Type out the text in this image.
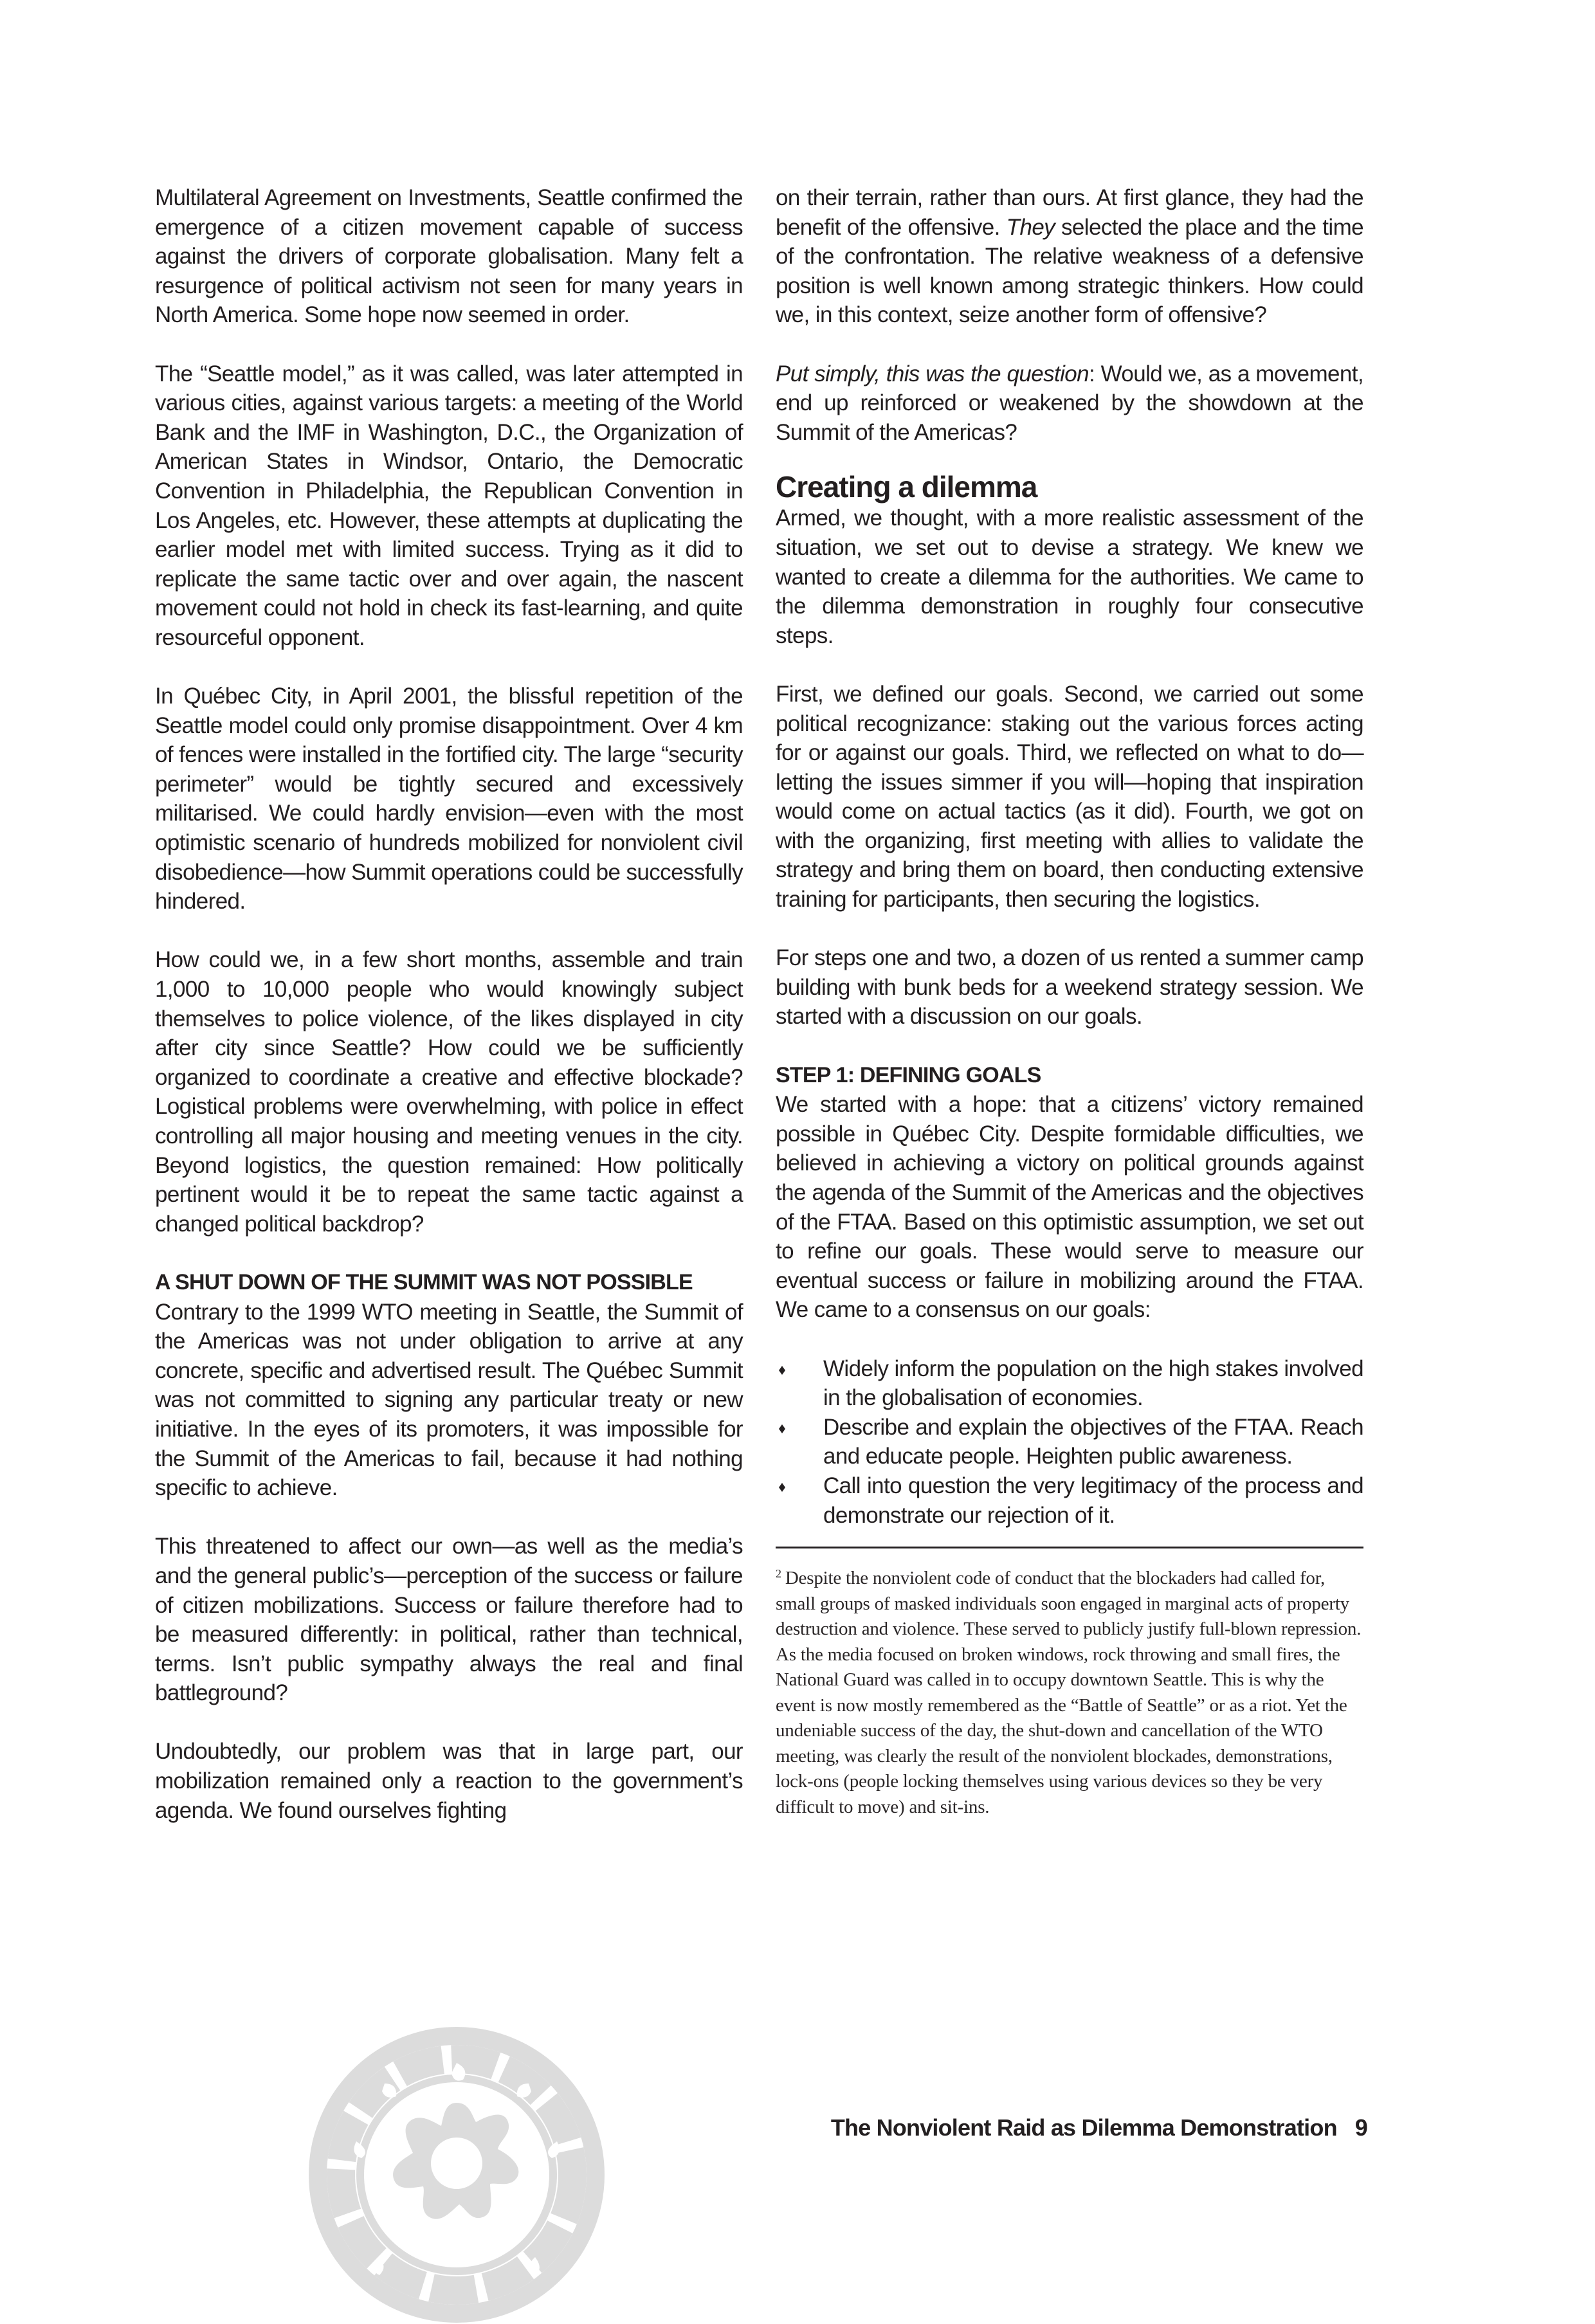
Multilateral Agreement on Investments, Seattle confirmed the emergence of a citizen movement capable of success against the drivers of corporate globalisation. Many felt a resurgence of political activism not seen for many years in North America. Some hope now seemed in order.

The “Seattle model,” as it was called, was later attempted in various cities, against various targets: a meeting of the World Bank and the IMF in Washington, D.C., the Organization of American States in Windsor, Ontario, the Democratic Convention in Philadelphia, the Republican Convention in Los Angeles, etc. However, these attempts at duplicating the earlier model met with limited success. Trying as it did to replicate the same tactic over and over again, the nascent movement could not hold in check its fast-learning, and quite resourceful opponent.

In Québec City, in April 2001, the blissful repetition of the Seattle model could only promise disappointment. Over 4 km of fences were installed in the fortified city. The large “security perimeter” would be tightly secured and excessively militarised. We could hardly envision—even with the most optimistic scenario of hundreds mobilized for nonviolent civil disobedience—how Summit operations could be successfully hindered.

How could we, in a few short months, assemble and train 1,000 to 10,000 people who would knowingly subject themselves to police violence, of the likes displayed in city after city since Seattle? How could we be sufficiently organized to coordinate a creative and effective blockade? Logistical problems were overwhelming, with police in effect controlling all major housing and meeting venues in the city. Beyond logistics, the question remained: How politically pertinent would it be to repeat the same tactic against a changed political backdrop?

A SHUT DOWN OF THE SUMMIT WAS NOT POSSIBLE

Contrary to the 1999 WTO meeting in Seattle, the Summit of the Americas was not under obligation to arrive at any concrete, specific and advertised result. The Québec Summit was not committed to signing any particular treaty or new initiative. In the eyes of its promoters, it was impossible for the Summit of the Americas to fail, because it had nothing specific to achieve.

This threatened to affect our own—as well as the media’s and the general public’s—perception of the success or failure of citizen mobilizations. Success or failure therefore had to be measured differently: in political, rather than technical, terms. Isn’t public sympathy always the real and final battleground?

Undoubtedly, our problem was that in large part, our mobilization remained only a reaction to the government’s agenda. We found ourselves fighting

on their terrain, rather than ours. At first glance, they had the benefit of the offensive. They selected the place and the time of the confrontation. The relative weakness of a defensive position is well known among strategic thinkers. How could we, in this context, seize another form of offensive?

Put simply, this was the question: Would we, as a movement, end up reinforced or weakened by the showdown at the Summit of the Americas?

Creating a dilemma

Armed, we thought, with a more realistic assessment of the situation, we set out to devise a strategy. We knew we wanted to create a dilemma for the authorities. We came to the dilemma demonstration in roughly four consecutive steps.

First, we defined our goals. Second, we carried out some political recognizance: staking out the various forces acting for or against our goals. Third, we reflected on what to do—letting the issues simmer if you will—hoping that inspiration would come on actual tactics (as it did). Fourth, we got on with the organizing, first meeting with allies to validate the strategy and bring them on board, then conducting extensive training for participants, then securing the logistics.

For steps one and two, a dozen of us rented a summer camp building with bunk beds for a weekend strategy session. We started with a discussion on our goals.

STEP 1: DEFINING GOALS

We started with a hope: that a citizens’ victory remained possible in Québec City. Despite formidable difficulties, we believed in achieving a victory on political grounds against the agenda of the Summit of the Americas and the objectives of the FTAA. Based on this optimistic assumption, we set out to refine our goals. These would serve to measure our eventual success or failure in mobilizing around the FTAA. We came to a consensus on our goals:

Widely inform the population on the high stakes involved in the globalisation of economies.
Describe and explain the objectives of the FTAA. Reach and educate people. Heighten public awareness.
Call into question the very legitimacy of the process and demonstrate our rejection of it.

$^2$ Despite the nonviolent code of conduct that the blockaders had called for, small groups of masked individuals soon engaged in marginal acts of property destruction and violence. These served to publicly justify full-blown repression. As the media focused on broken windows, rock throwing and small fires, the National Guard was called in to occupy downtown Seattle. This is why the event is now mostly remembered as the “Battle of Seattle” or as a riot. Yet the undeniable success of the day, the shut-down and cancellation of the WTO meeting, was clearly the result of the nonviolent blockades, demonstrations, lock-ons (people locking themselves using various devices so they be very difficult to move) and sit-ins.

The Nonviolent Raid as Dilemma Demonstration 9
